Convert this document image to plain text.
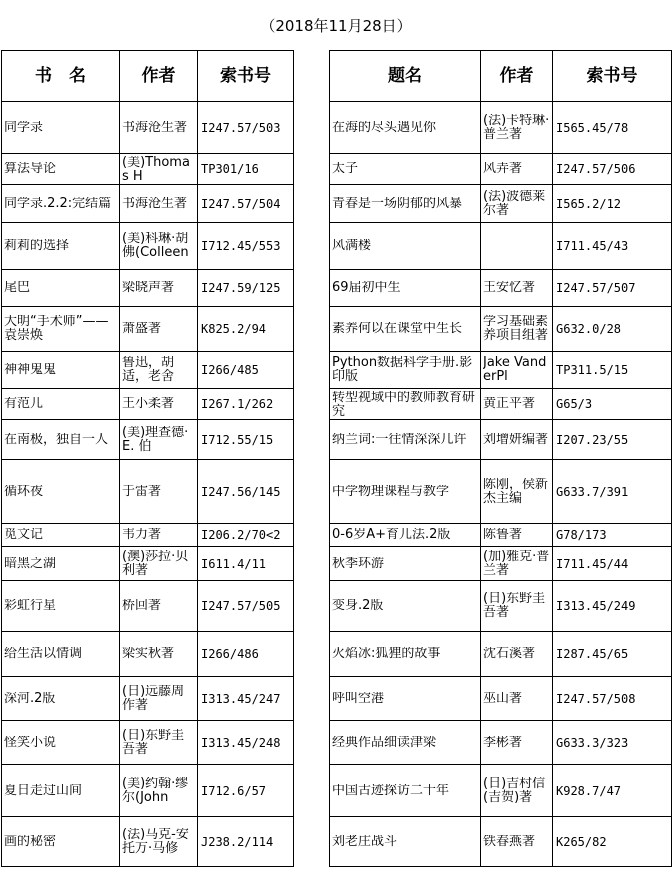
（2018年11月28日）
书　名	作者	索书号

同学录	书海沧生著	I247.57/503

算法导论	(美)Thomas H	TP301/16

同学录.2.2:完结篇	书海沧生著	I247.57/504

莉莉的选择	(美)科琳·胡佛(Colleen	I712.45/553

尾巴	梁晓声著	I247.59/125

大明“手术师”——袁崇焕	萧盛著	K825.2/94

神神鬼鬼	鲁迅，胡适，老舍	I266/485

有范儿	王小柔著	I267.1/262

在南极，独自一人	(美)理查德·E. 伯	I712.55/15

循环夜	于雷著	I247.56/145

觅文记	韦力著	I206.2/70<2

暗黑之湖	(澳)莎拉·贝利著	I611.4/11

彩虹行星	桥回著	I247.57/505

给生活以情调	梁实秋著	I266/486

深河.2版	(日)远藤周作著	I313.45/247

怪笑小说	(日)东野圭吾著	I313.45/248

夏日走过山间	(美)约翰·缪尔(John	I712.6/57

画的秘密	(法)马克-安托万·马修	J238.2/114
题名	作者	索书号

在海的尽头遇见你	(法)卡特琳·普兰著	I565.45/78

太子	风弄著	I247.57/506

青春是一场阴郁的风暴	(法)波德莱尔著	I565.2/12

风满楼		I711.45/43

69届初中生	王安忆著	I247.57/507

素养何以在课堂中生长	学习基础素养项目组著	G632.0/28

Python数据科学手册.影印版	Jake VanderPl	TP311.5/15

转型视域中的教师教育研究	黄正平著	G65/3

纳兰词:一往情深深几许	刘增妍编著	I207.23/55

中学物理课程与教学	陈刚，侯新杰主编	G633.7/391

0-6岁A+育儿法.2版	陈鲁著	G78/173

秋季环游	(加)雅克·普兰著	I711.45/44

变身.2版	(日)东野圭吾著	I313.45/249

火焰冰:狐狸的故事	沈石溪著	I287.45/65

呼叫空港	巫山著	I247.57/508

经典作品细读津梁	李彬著	G633.3/323

中国古迹探访二十年	(日)吉村信(吉贺)著	K928.7/47

刘老庄战斗	铁春燕著	K265/82
